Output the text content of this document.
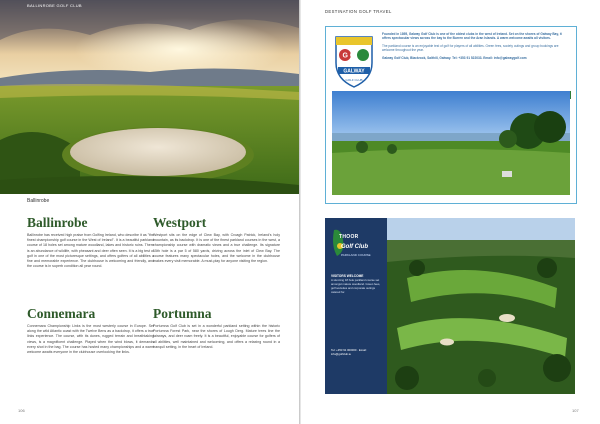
BALLINROBE GOLF CLUB
Ballinrobe
Ballinrobe

Ballinrobe has received high praise from Golfing Ireland, who describe it as "the finest championship golf course in the West of Ireland". It is a beautiful parkland course of 18 holes set among mature woodland, lakes and historic ruins. There is an abundance of wildlife, with pheasant and deer often seen. It is a big test of golf in one of the most picturesque settings, and offers golfers of all abilities a fine and memorable experience. The clubhouse is welcoming and friendly, and the course is in superb condition all year round.

Westport

Westport sits on the edge of Clew Bay, with Croagh Patrick, Ireland's holy mountain, as its backdrop. It is one of the finest parkland courses in the west, a championship course with dramatic views and a true challenge. Its signature 15th hole is a par 5 of 580 yards, driving across the inlet of Clew Bay. The course features many spectacular holes, and the welcome in the clubhouse makes every visit memorable. A must-play for anyone visiting the region.

Connemara

Connemara Championship Links is the most westerly course in Europe. Set along the wild Atlantic coast with the Twelve Bens as a backdrop, it offers a true links experience. The course, with its dunes, rugged terrain and breathtaking views, is a magnificent challenge. Played when the wind blows, it demands every shot in the bag. The course has hosted many championships and a warm welcome awaits everyone in the clubhouse overlooking the links.

Portumna

Portumna Golf Club is set in a wonderful parkland setting within the historic Portumna Forest Park, near the shores of Lough Derg. Mature trees line the fairways, and deer roam freely. It is a beautiful, enjoyable course for golfers of all abilities, well maintained and welcoming, and offers a relaxing round in a tranquil setting, in the heart of Ireland.

106
DESTINATION GOLF TRAVEL
G C
GALWAY
GOLF CLUB

Founded in 1895, Galway Golf Club is one of the oldest clubs in the west of Ireland. Set on the shores of Galway Bay, it offers spectacular views across the bay to the Burren and the Aran Islands. A warm welcome awaits all visitors.

The parkland course is an enjoyable test of golf for players of all abilities. Green fees, society outings and group bookings are welcome throughout the year.

Galway Golf Club, Blackrock, Salthill, Galway. Tel: +353 91 522033. Email: info@galwaygolf.com

THOOR
Golf Club
PARKLAND COURSE
VISITORS WELCOME
A stunning 18 hole parkland course set amongst mature woodland. Green fees, golf societies and corporate outings catered for.
Tel: +353 91 000000 · Email: info@golfclub.ie
107
